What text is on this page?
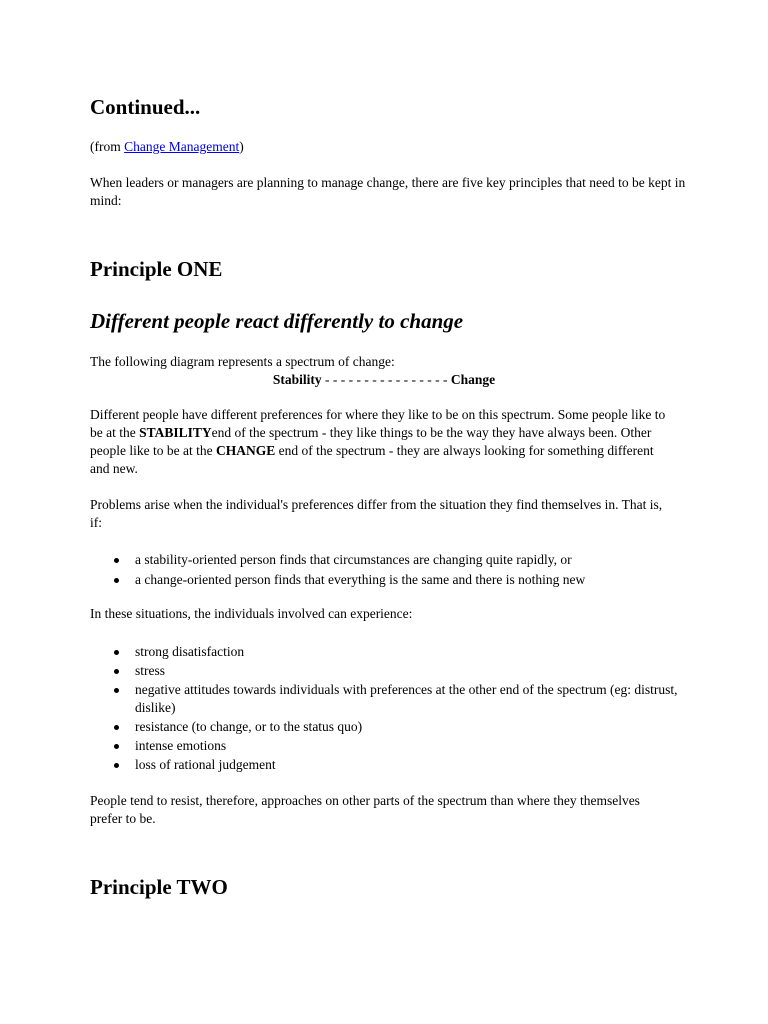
Continued...

(from Change Management)

When leaders or managers are planning to manage change, there are five key principles that need to be kept in mind:

Principle ONE
Different people react differently to change

The following diagram represents a spectrum of change:

Stability - - - - - - - - - - - - - - - - Change

Different people have different preferences for where they like to be on this spectrum. Some people like to be at the STABILITYend of the spectrum - they like things to be the way they have always been. Other people like to be at the CHANGE end of the spectrum - they are always looking for something different and new.

Problems arise when the individual's preferences differ from the situation they find themselves in. That is, if:

a stability-oriented person finds that circumstances are changing quite rapidly, or
a change-oriented person finds that everything is the same and there is nothing new

In these situations, the individuals involved can experience:

strong disatisfaction
stress
negative attitudes towards individuals with preferences at the other end of the spectrum (eg: distrust, dislike)
resistance (to change, or to the status quo)
intense emotions
loss of rational judgement

People tend to resist, therefore, approaches on other parts of the spectrum than where they themselves prefer to be.

Principle TWO
